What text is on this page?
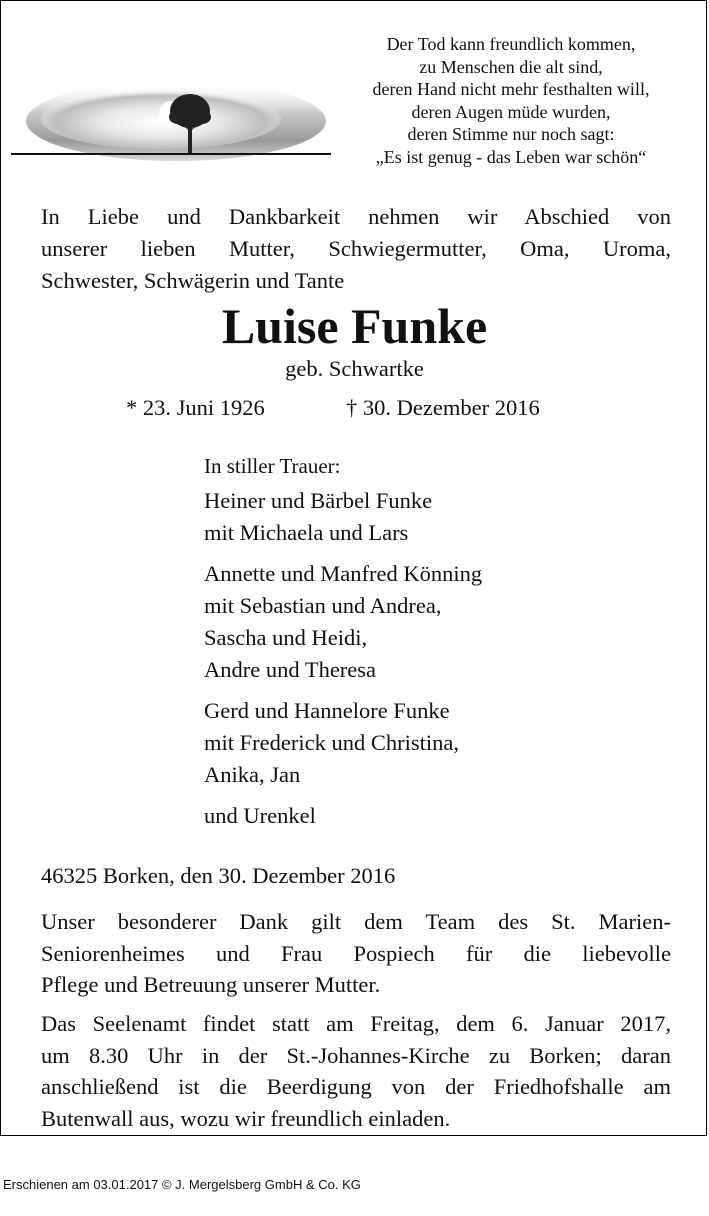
Der Tod kann freundlich kommen,
zu Menschen die alt sind,
deren Hand nicht mehr festhalten will,
deren Augen müde wurden,
deren Stimme nur noch sagt:
„Es ist genug - das Leben war schön“
In Liebe und Dankbarkeit nehmen wir Abschied von
unserer lieben Mutter, Schwiegermutter, Oma, Uroma,
Schwester, Schwägerin und Tante
Luise Funke
geb. Schwartke
* 23. Juni 1926	† 30. Dezember 2016
In stiller Trauer:
Heiner und Bärbel Funke
mit Michaela und Lars
Annette und Manfred Könning
mit Sebastian und Andrea,
Sascha und Heidi,
Andre und Theresa
Gerd und Hannelore Funke
mit Frederick und Christina,
Anika, Jan
und Urenkel
46325 Borken, den 30. Dezember 2016
Unser besonderer Dank gilt dem Team des St. Marien-
Seniorenheimes und Frau Pospiech für die liebevolle
Pflege und Betreuung unserer Mutter.
Das Seelenamt findet statt am Freitag, dem 6. Januar 2017,
um 8.30 Uhr in der St.-Johannes-Kirche zu Borken; daran
anschließend ist die Beerdigung von der Friedhofshalle am
Butenwall aus, wozu wir freundlich einladen.
Erschienen am 03.01.2017 © J. Mergelsberg GmbH & Co. KG
